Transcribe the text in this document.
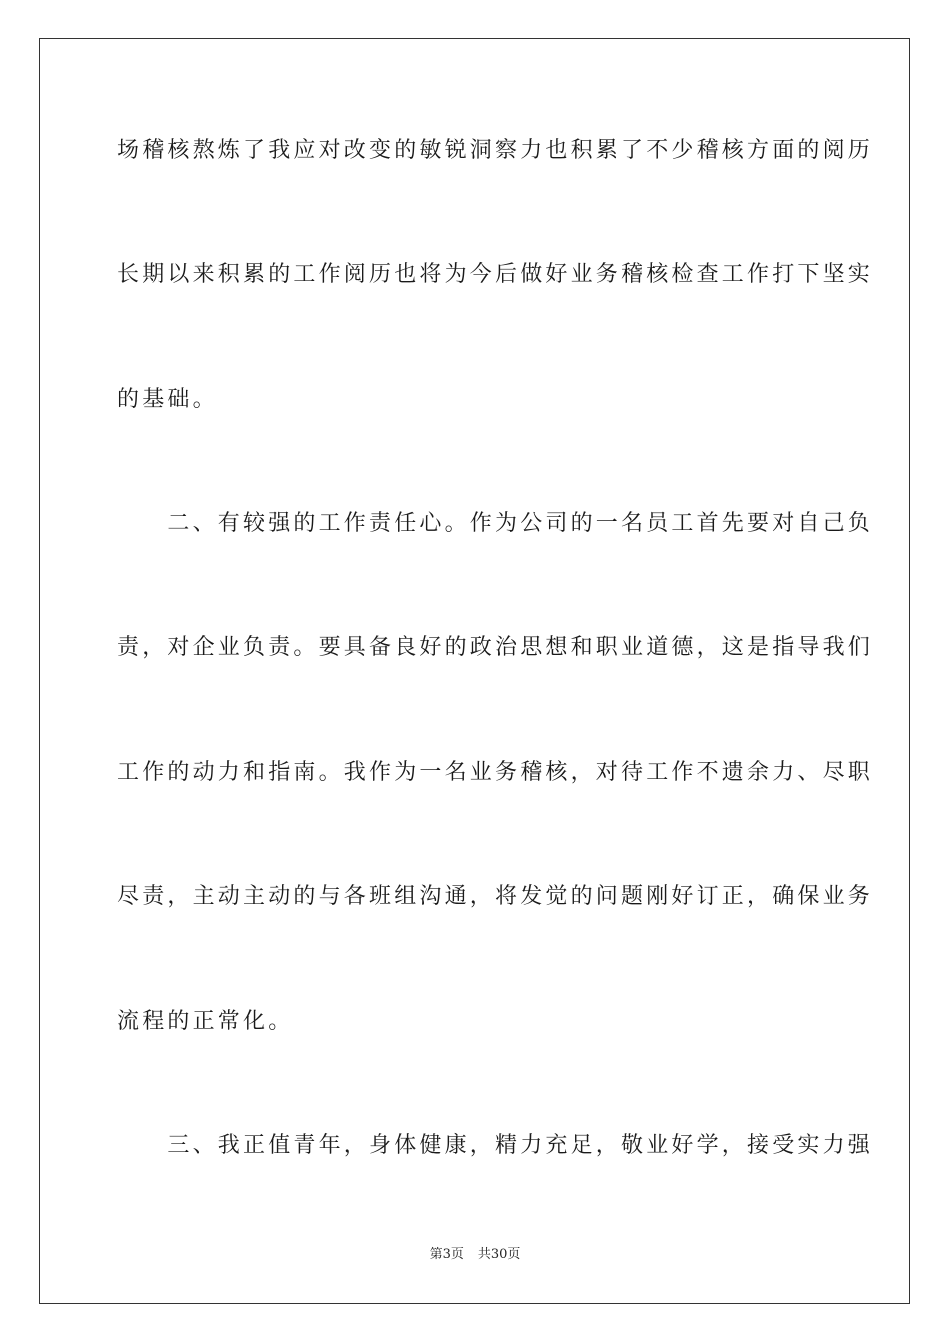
场稽核熬炼了我应对改变的敏锐洞察力也积累了不少稽核方面的阅历
长期以来积累的工作阅历也将为今后做好业务稽核检查工作打下坚实
的基础。
　　二、有较强的工作责任心。作为公司的一名员工首先要对自己负
责，对企业负责。要具备良好的政治思想和职业道德，这是指导我们
工作的动力和指南。我作为一名业务稽核，对待工作不遗余力、尽职
尽责，主动主动的与各班组沟通，将发觉的问题刚好订正，确保业务
流程的正常化。
　　三、我正值青年，身体健康，精力充足，敬业好学，接受实力强
第3页 共30页
